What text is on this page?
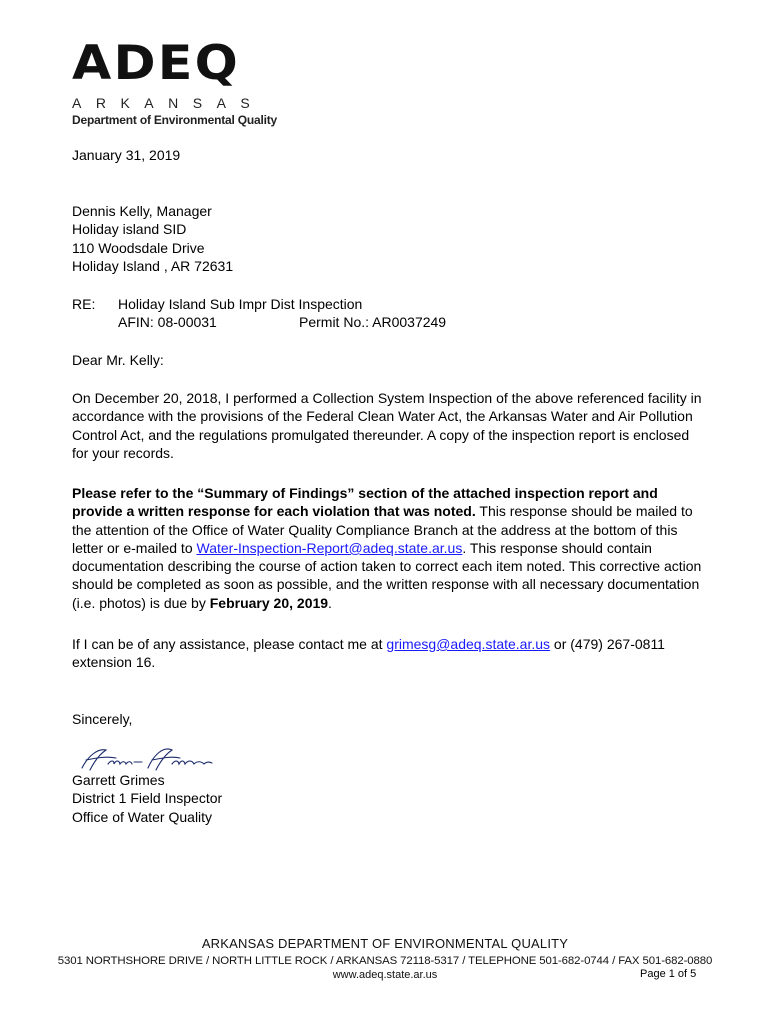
ADEQ
ARKANSAS
Department of Environmental Quality
January 31, 2019
Dennis Kelly, Manager
Holiday island SID
110 Woodsdale Drive
Holiday Island , AR 72631
RE: Holiday Island Sub Impr Dist Inspection
AFIN: 08-00031	Permit No.: AR0037249
Dear Mr. Kelly:
On December 20, 2018, I performed a Collection System Inspection of the above referenced facility in accordance with the provisions of the Federal Clean Water Act, the Arkansas Water and Air Pollution Control Act, and the regulations promulgated thereunder. A copy of the inspection report is enclosed for your records.
Please refer to the “Summary of Findings” section of the attached inspection report and provide a written response for each violation that was noted. This response should be mailed to the attention of the Office of Water Quality Compliance Branch at the address at the bottom of this letter or e-mailed to Water-Inspection-Report@adeq.state.ar.us. This response should contain documentation describing the course of action taken to correct each item noted. This corrective action should be completed as soon as possible, and the written response with all necessary documentation (i.e. photos) is due by February 20, 2019.
If I can be of any assistance, please contact me at grimesg@adeq.state.ar.us or (479) 267-0811 extension 16.
Sincerely,
Garrett Grimes
District 1 Field Inspector
Office of Water Quality
ARKANSAS DEPARTMENT OF ENVIRONMENTAL QUALITY
5301 NORTHSHORE DRIVE / NORTH LITTLE ROCK / ARKANSAS 72118-5317 / TELEPHONE 501-682-0744 / FAX 501-682-0880
www.adeq.state.ar.us	Page 1 of 5
